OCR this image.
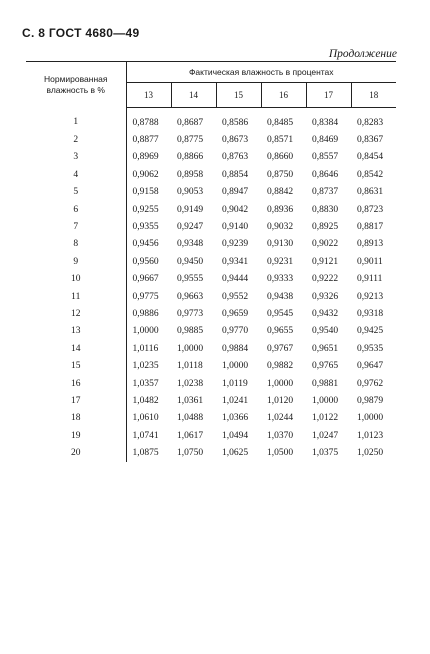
С. 8 ГОСТ 4680—49
Продолжение
Нормированная влажность в %	Фактическая влажность в процентах					
	13	14	15	16	17	18
1	0,8788	0,8687	0,8586	0,8485	0,8384	0,8283
2	0,8877	0,8775	0,8673	0,8571	0,8469	0,8367
3	0,8969	0,8866	0,8763	0,8660	0,8557	0,8454
4	0,9062	0,8958	0,8854	0,8750	0,8646	0,8542
5	0,9158	0,9053	0,8947	0,8842	0,8737	0,8631
6	0,9255	0,9149	0,9042	0,8936	0,8830	0,8723
7	0,9355	0,9247	0,9140	0,9032	0,8925	0,8817
8	0,9456	0,9348	0,9239	0,9130	0,9022	0,8913
9	0,9560	0,9450	0,9341	0,9231	0,9121	0,9011
10	0,9667	0,9555	0,9444	0,9333	0,9222	0,9111
11	0,9775	0,9663	0,9552	0,9438	0,9326	0,9213
12	0,9886	0,9773	0,9659	0,9545	0,9432	0,9318
13	1,0000	0,9885	0,9770	0,9655	0,9540	0,9425
14	1,0116	1,0000	0,9884	0,9767	0,9651	0,9535
15	1,0235	1,0118	1,0000	0,9882	0,9765	0,9647
16	1,0357	1,0238	1,0119	1,0000	0,9881	0,9762
17	1,0482	1,0361	1,0241	1,0120	1,0000	0,9879
18	1,0610	1,0488	1,0366	1,0244	1,0122	1,0000
19	1,0741	1,0617	1,0494	1,0370	1,0247	1,0123
20	1,0875	1,0750	1,0625	1,0500	1,0375	1,0250
